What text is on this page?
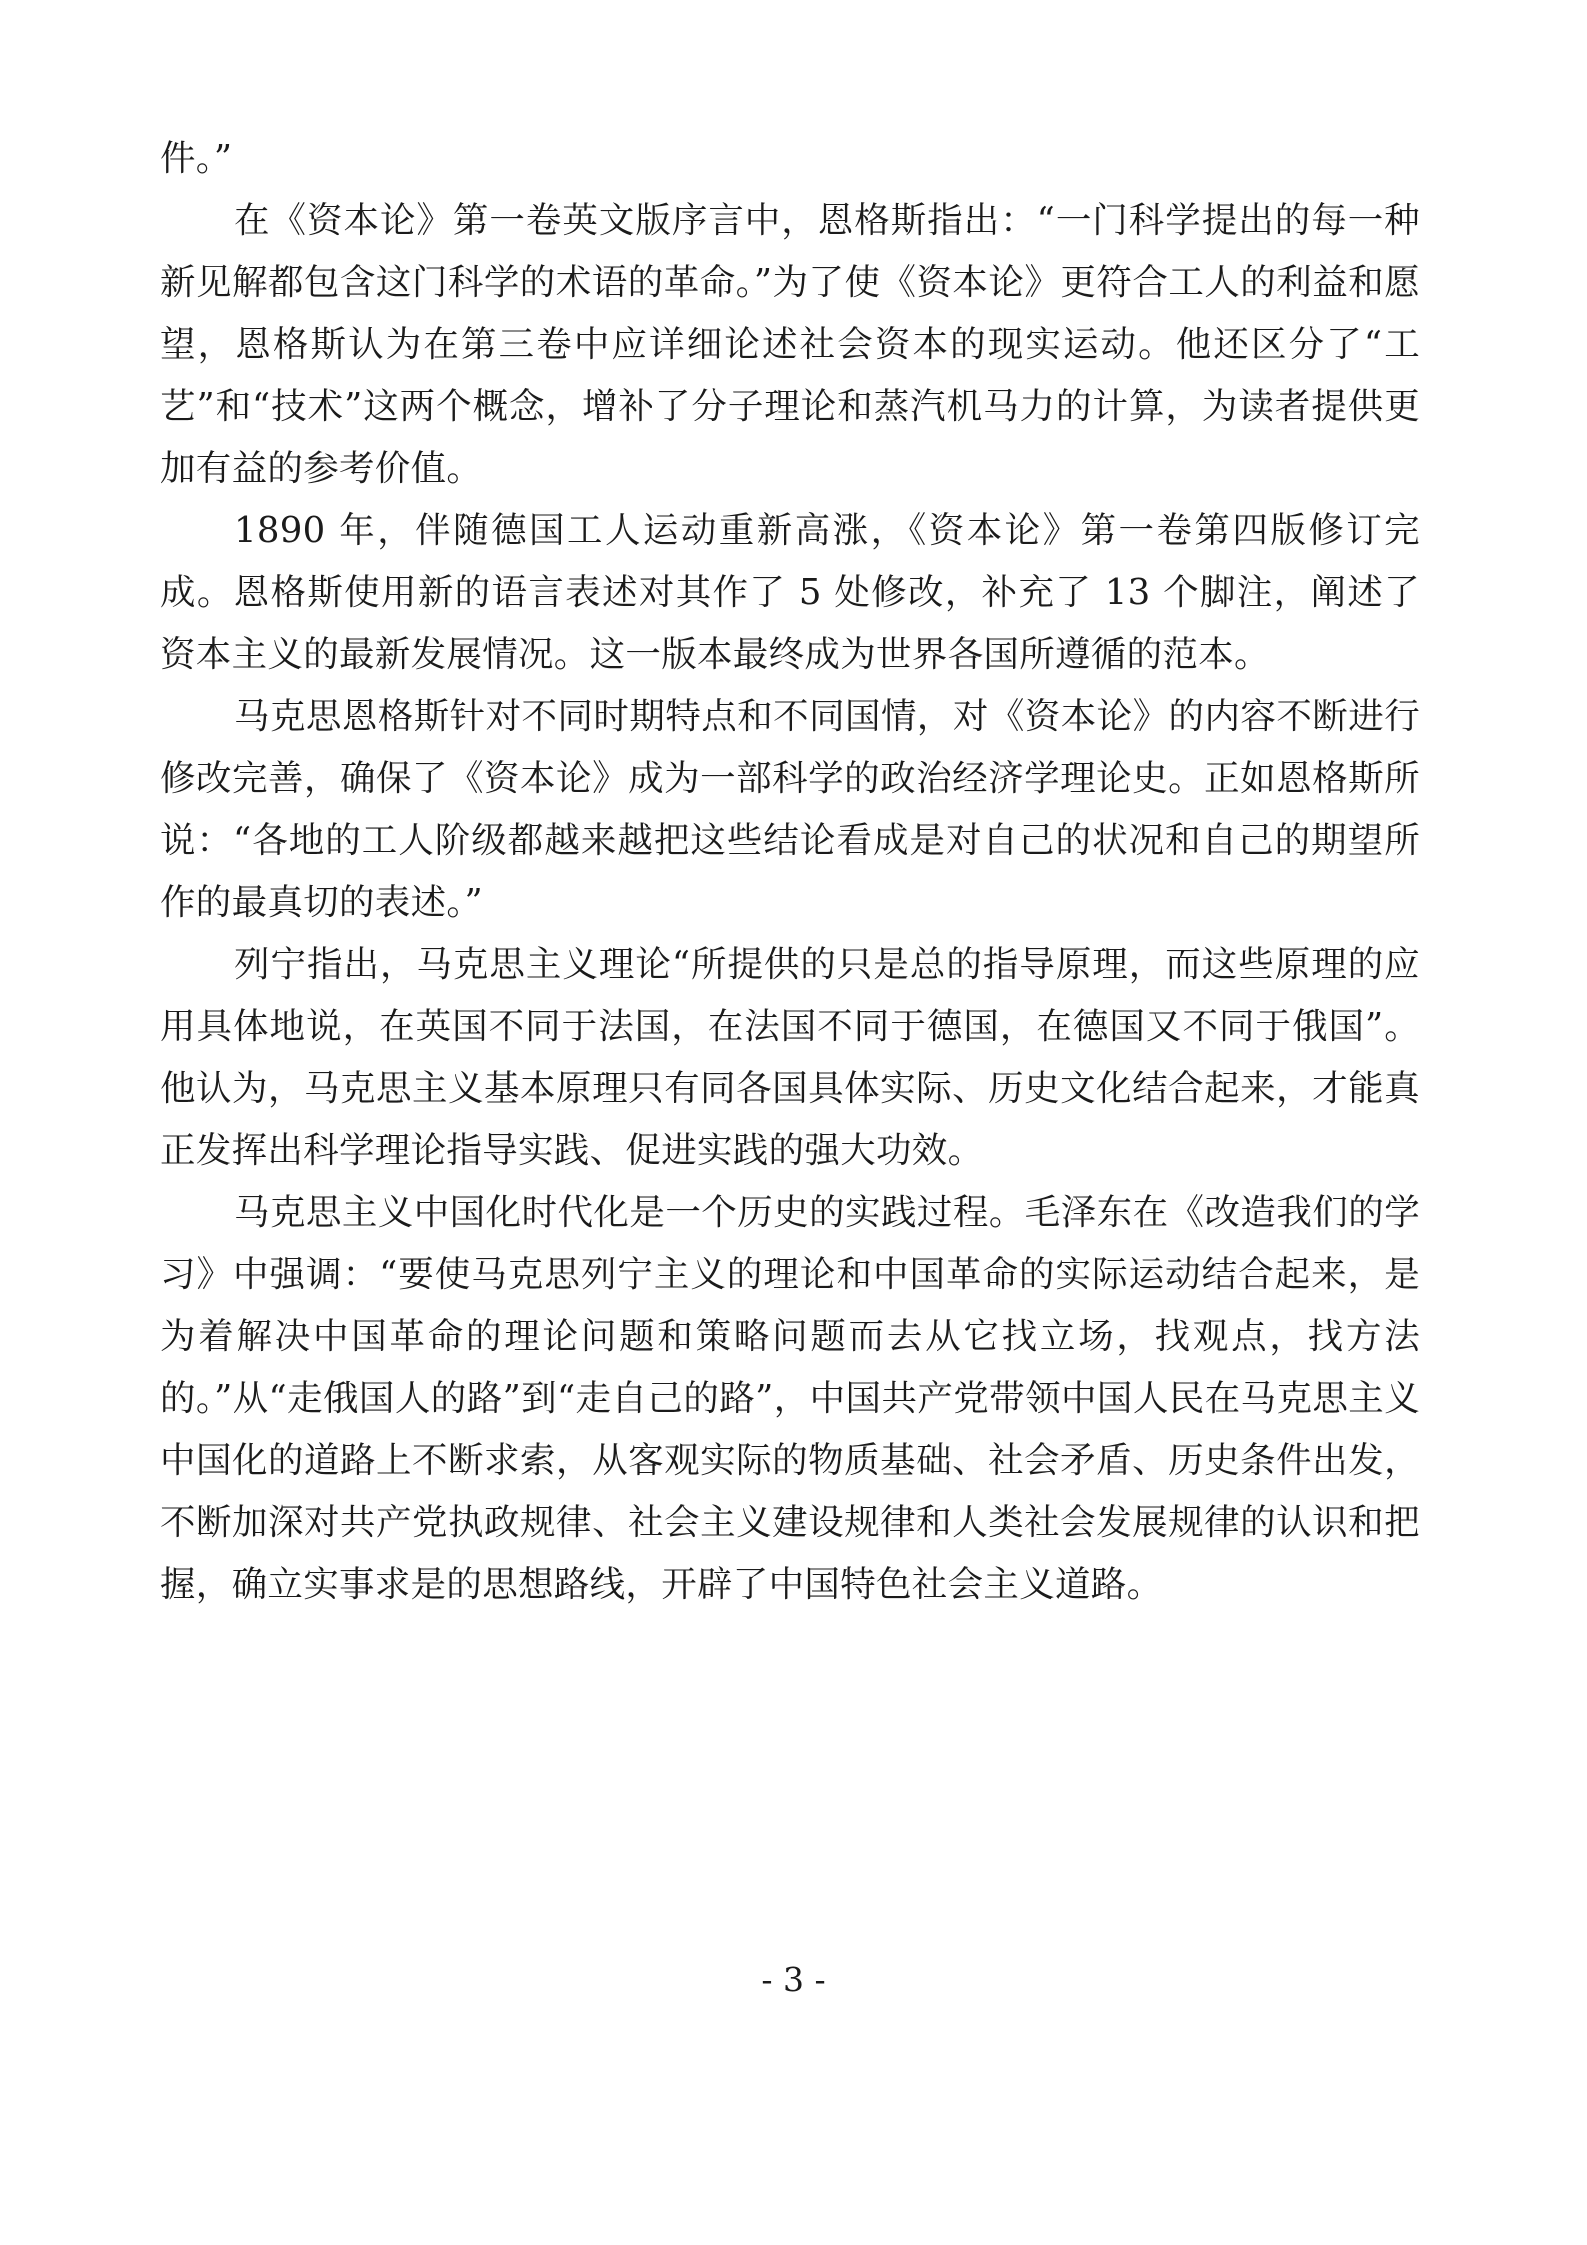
件。”

在《资本论》第一卷英文版序言中，恩格斯指出：“一门科学提出的每一种新见解都包含这门科学的术语的革命。”为了使《资本论》更符合工人的利益和愿望，恩格斯认为在第三卷中应详细论述社会资本的现实运动。他还区分了“工艺”和“技术”这两个概念，增补了分子理论和蒸汽机马力的计算，为读者提供更加有益的参考价值。

1890 年，伴随德国工人运动重新高涨，《资本论》第一卷第四版修订完成。恩格斯使用新的语言表述对其作了 5 处修改，补充了 13 个脚注，阐述了资本主义的最新发展情况。这一版本最终成为世界各国所遵循的范本。

马克思恩格斯针对不同时期特点和不同国情，对《资本论》的内容不断进行修改完善，确保了《资本论》成为一部科学的政治经济学理论史。正如恩格斯所说：“各地的工人阶级都越来越把这些结论看成是对自己的状况和自己的期望所作的最真切的表述。”

列宁指出，马克思主义理论“所提供的只是总的指导原理，而这些原理的应用具体地说，在英国不同于法国，在法国不同于德国，在德国又不同于俄国”。他认为，马克思主义基本原理只有同各国具体实际、历史文化结合起来，才能真正发挥出科学理论指导实践、促进实践的强大功效。

马克思主义中国化时代化是一个历史的实践过程。毛泽东在《改造我们的学习》中强调：“要使马克思列宁主义的理论和中国革命的实际运动结合起来，是为着解决中国革命的理论问题和策略问题而去从它找立场，找观点，找方法的。”从“走俄国人的路”到“走自己的路”，中国共产党带领中国人民在马克思主义中国化的道路上不断求索，从客观实际的物质基础、社会矛盾、历史条件出发，不断加深对共产党执政规律、社会主义建设规律和人类社会发展规律的认识和把握，确立实事求是的思想路线，开辟了中国特色社会主义道路。

- 3 -
